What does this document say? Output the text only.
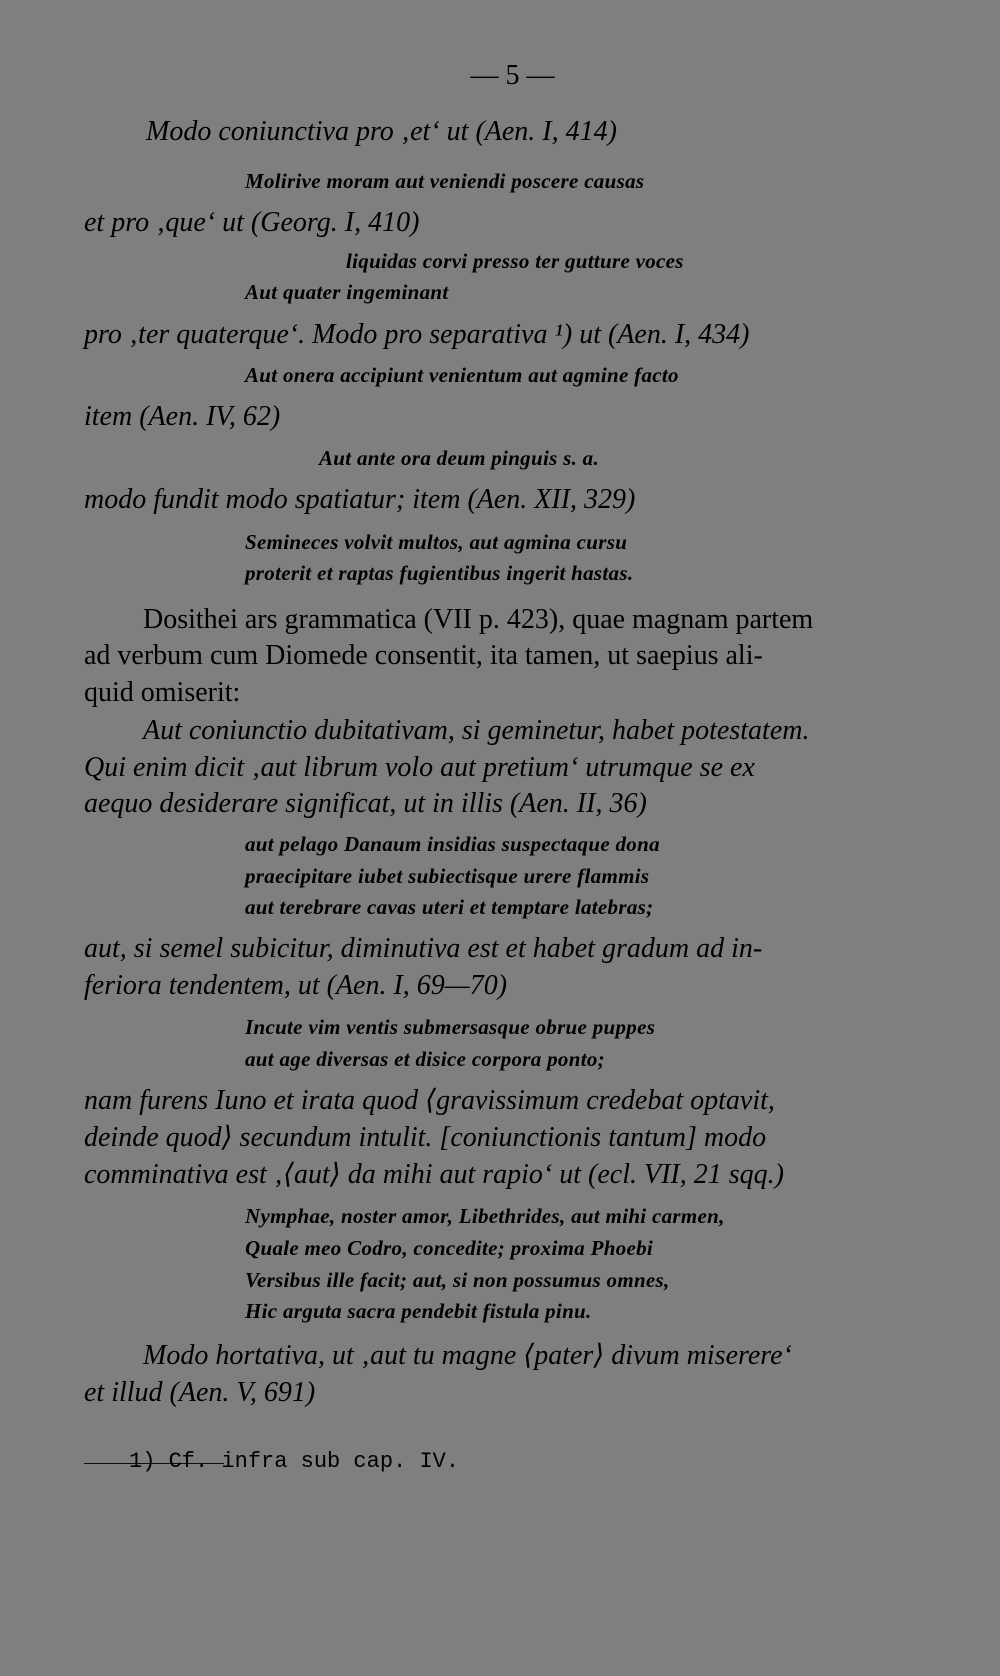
— 5 —
Modo coniunctiva pro ‚et‘ ut (Aen. I, 414)
Molirive moram aut veniendi poscere causas
et pro ‚que‘ ut (Georg. I, 410)
liquidas corvi presso ter gutture voces
Aut quater ingeminant
pro ‚ter quaterque‘. Modo pro separativa ¹) ut (Aen. I, 434)
Aut onera accipiunt venientum aut agmine facto
item (Aen. IV, 62)
Aut ante ora deum pinguis s. a.
modo fundit modo spatiatur; item (Aen. XII, 329)
Semineces volvit multos, aut agmina cursu
proterit et raptas fugientibus ingerit hastas.
Dosithei ars grammatica (VII p. 423), quae magnam partem
ad verbum cum Diomede consentit, ita tamen, ut saepius ali-
quid omiserit:
Aut coniunctio dubitativam, si geminetur, habet potestatem.
Qui enim dicit ‚aut librum volo aut pretium‘ utrumque se ex
aequo desiderare significat, ut in illis (Aen. II, 36)
aut pelago Danaum insidias suspectaque dona
praecipitare iubet subiectisque urere flammis
aut terebrare cavas uteri et temptare latebras;
aut, si semel subicitur, diminutiva est et habet gradum ad in-
feriora tendentem, ut (Aen. I, 69—70)
Incute vim ventis submersasque obrue puppes
aut age diversas et disice corpora ponto;
nam furens Iuno et irata quod ⟨gravissimum credebat optavit,
deinde quod⟩ secundum intulit. [coniunctionis tantum] modo
comminativa est ‚⟨aut⟩ da mihi aut rapio‘ ut (ecl. VII, 21 sqq.)
Nymphae, noster amor, Libethrides, aut mihi carmen,
Quale meo Codro, concedite; proxima Phoebi
Versibus ille facit; aut, si non possumus omnes,
Hic arguta sacra pendebit fistula pinu.
Modo hortativa, ut ‚aut tu magne ⟨pater⟩ divum miserere‘
et illud (Aen. V, 691)
1) Cf. infra sub cap. IV.
